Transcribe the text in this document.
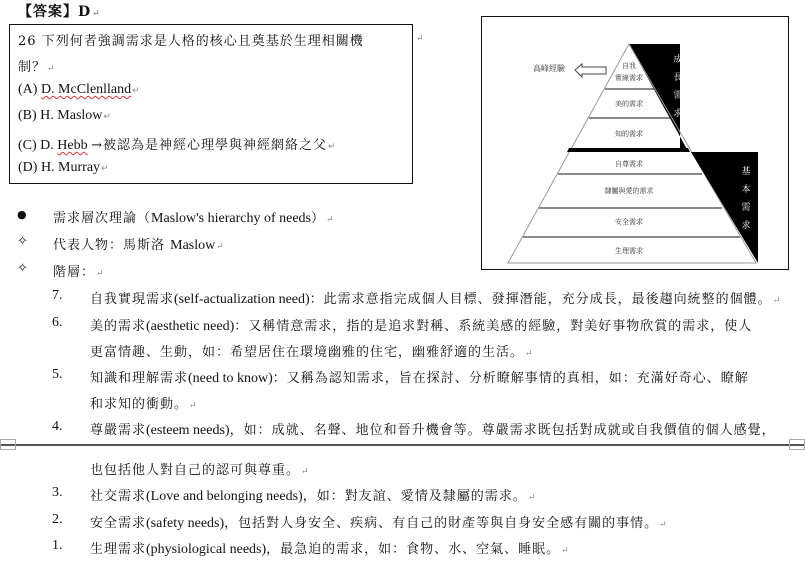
【答案】D↵
26 下列何者強調需求是人格的核心且奠基於生理相關機
制？↵
(A) D. McClenlland↵
(B) H. Maslow↵
(C) D. Hebb →被認為是神經心理學與神經網絡之父↵
(D) H. Murray↵
↵
高峰經驗
成
長
需
求
基
本
需
求
自我
實線需求
美的需求
知的需求
自尊需求
隸屬與愛的需求
安全需求
生理需求
● 需求層次理論（Maslow's hierarchy of needs）↵
✧ 代表人物：馬斯洛 Maslow↵
✧ 階層：↵
7. 自我實現需求(self-actualization need)：此需求意指完成個人目標、發揮潛能，充分成長，最後趨向統整的個體。↵
6. 美的需求(aesthetic need)：又稱情意需求，指的是追求對稱、系統美感的經驗，對美好事物欣賞的需求，使人
更富情趣、生動，如：希望居住在環境幽雅的住宅，幽雅舒適的生活。↵
5. 知識和理解需求(need to know)：又稱為認知需求，旨在探討、分析瞭解事情的真相，如：充滿好奇心、瞭解
和求知的衝動。↵
4. 尊嚴需求(esteem needs)，如：成就、名聲、地位和晉升機會等。尊嚴需求既包括對成就或自我價值的個人感覺，
也包括他人對自己的認可與尊重。↵
3. 社交需求(Love and belonging needs)，如：對友誼、愛情及隸屬的需求。↵
2. 安全需求(safety needs)，包括對人身安全、疾病、有自己的財產等與自身安全感有關的事情。↵
1. 生理需求(physiological needs)，最急迫的需求，如：食物、水、空氣、睡眠。↵
